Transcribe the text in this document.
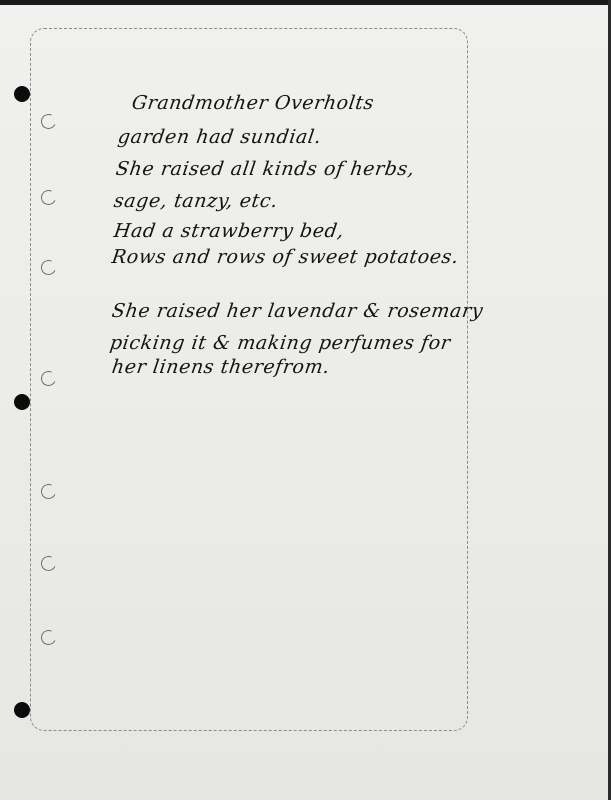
Grandmother Overholts
garden had sundial.
She raised all kinds of herbs,
sage, tanzy, etc.
Had a strawberry bed,
Rows and rows of sweet potatoes.
She raised her lavendar & rosemary
picking it & making perfumes for
her linens therefrom.
